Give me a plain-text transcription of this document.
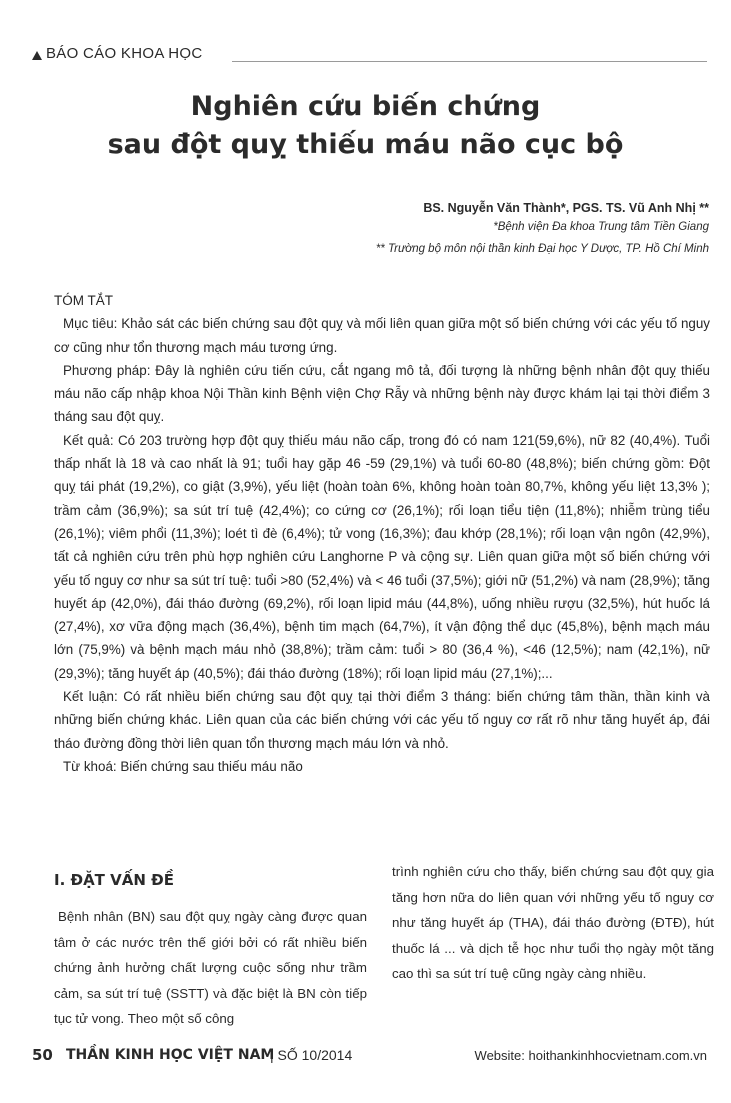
BÁO CÁO KHOA HỌC
Nghiên cứu biến chứng
sau đột quỵ thiếu máu não cục bộ
BS. Nguyễn Văn Thành*, PGS. TS. Vũ Anh Nhị **
*Bệnh viện Đa khoa Trung tâm Tiền Giang
** Trường bộ môn nội thần kinh Đại học Y Dược, TP. Hồ Chí Minh
TÓM TẮT

Mục tiêu: Khảo sát các biến chứng sau đột quỵ và mối liên quan giữa một số biến chứng với các yếu tố nguy cơ cũng như tổn thương mạch máu tương ứng.

Phương pháp: Đây là nghiên cứu tiến cứu, cắt ngang mô tả, đối tượng là những bệnh nhân đột quỵ thiếu máu não cấp nhập khoa Nội Thần kinh Bệnh viện Chợ Rẫy và những bệnh này được khám lại tại thời điểm 3 tháng sau đột quỵ.

Kết quả: Có 203 trường hợp đột quỵ thiếu máu não cấp, trong đó có nam 121(59,6%), nữ 82 (40,4%). Tuổi thấp nhất là 18 và cao nhất là 91; tuổi hay gặp 46 -59 (29,1%) và tuổi 60-80 (48,8%); biến chứng gồm: Đột quỵ tái phát (19,2%), co giật (3,9%), yếu liệt (hoàn toàn 6%, không hoàn toàn 80,7%, không yếu liệt 13,3% ); trầm cảm (36,9%); sa sút trí tuệ (42,4%); co cứng cơ (26,1%); rối loạn tiểu tiện (11,8%); nhiễm trùng tiểu (26,1%); viêm phổi (11,3%); loét tì đè (6,4%); tử vong (16,3%); đau khớp (28,1%); rối loạn vận ngôn (42,9%), tất cả nghiên cứu trên phù hợp nghiên cứu Langhorne P và cộng sự. Liên quan giữa một số biến chứng với yếu tố nguy cơ như sa sút trí tuệ: tuổi >80 (52,4%) và < 46 tuổi (37,5%); giới nữ (51,2%) và nam (28,9%); tăng huyết áp (42,0%), đái tháo đường (69,2%), rối loạn lipid máu (44,8%), uống nhiều rượu (32,5%), hút huốc lá (27,4%), xơ vữa động mạch (36,4%), bệnh tim mạch (64,7%), ít vận động thể dục (45,8%), bệnh mạch máu lớn (75,9%) và bệnh mạch máu nhỏ (38,8%); trầm cảm: tuổi > 80 (36,4 %), <46 (12,5%); nam (42,1%), nữ (29,3%); tăng huyết áp (40,5%); đái tháo đường (18%); rối loạn lipid máu (27,1%);...

Kết luận: Có rất nhiều biến chứng sau đột quỵ tại thời điểm 3 tháng: biến chứng tâm thần, thần kinh và những biến chứng khác. Liên quan của các biến chứng với các yếu tố nguy cơ rất rõ như tăng huyết áp, đái tháo đường đồng thời liên quan tổn thương mạch máu lớn và nhỏ.

Từ khoá: Biến chứng sau thiếu máu não

I. ĐẶT VẤN ĐỀ

Bệnh nhân (BN) sau đột quỵ ngày càng được quan tâm ở các nước trên thế giới bởi có rất nhiều biến chứng ảnh hưởng chất lượng cuộc sống như trầm cảm, sa sút trí tuệ (SSTT) và đặc biệt là BN còn tiếp tục tử vong. Theo một số công

trình nghiên cứu cho thấy, biến chứng sau đột quỵ gia tăng hơn nữa do liên quan với những yếu tố nguy cơ như tăng huyết áp (THA), đái tháo đường (ĐTĐ), hút thuốc lá ... và dịch tễ học như tuổi thọ ngày một tăng cao thì sa sút trí tuệ cũng ngày càng nhiều.

50 THẦN KINH HỌC VIỆT NAM
| SỐ 10/2014	Website: hoithankinhhocvietnam.com.vn
